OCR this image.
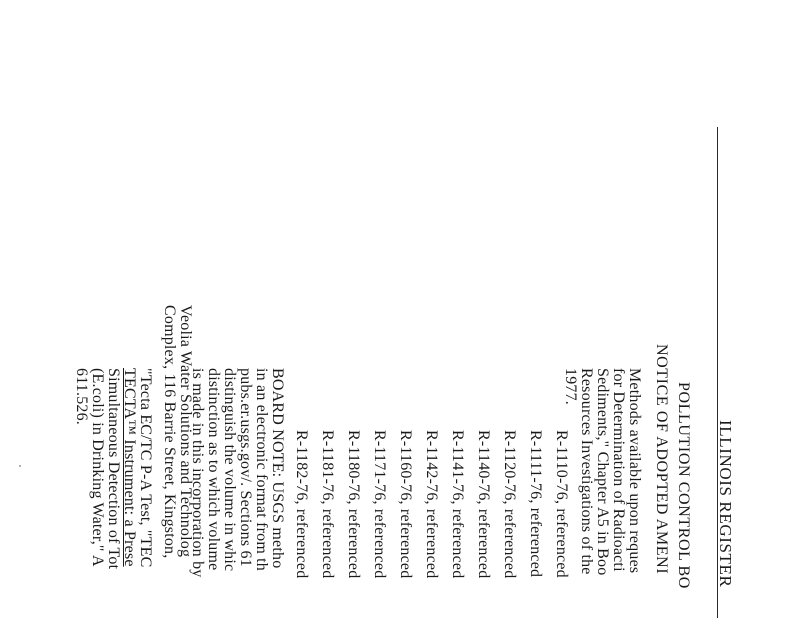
ILLINOIS REGISTER
POLLUTION CONTROL BO
NOTICE OF ADOPTED AMENI
Methods available upon reques
for Determination of Radioacti
Sediments," Chapter A5 in Boo
Resources Investigations of the
1977.
R-1110-76, referenced
R-1111-76, referenced
R-1120-76, referenced
R-1140-76, referenced
R-1141-76, referenced
R-1142-76, referenced
R-1160-76, referenced
R-1171-76, referenced
R-1180-76, referenced
R-1181-76, referenced
R-1182-76, referenced
BOARD NOTE: USGS metho
in an electronic format from th
pubs.er.usgs.gov/. Sections 61
distinguish the volume in whic
distinction as to which volume
is made in this incorporation by
Veolia Water Solutions and Technolog
Complex, 116 Barrie Street, Kingston,
"Tecta EC/TC P-A Test, "TEC
TECTA™ Instrument: a Prese
Simultaneous Detection of Tot
(E.coli) in Drinking Water," A
611.526.
